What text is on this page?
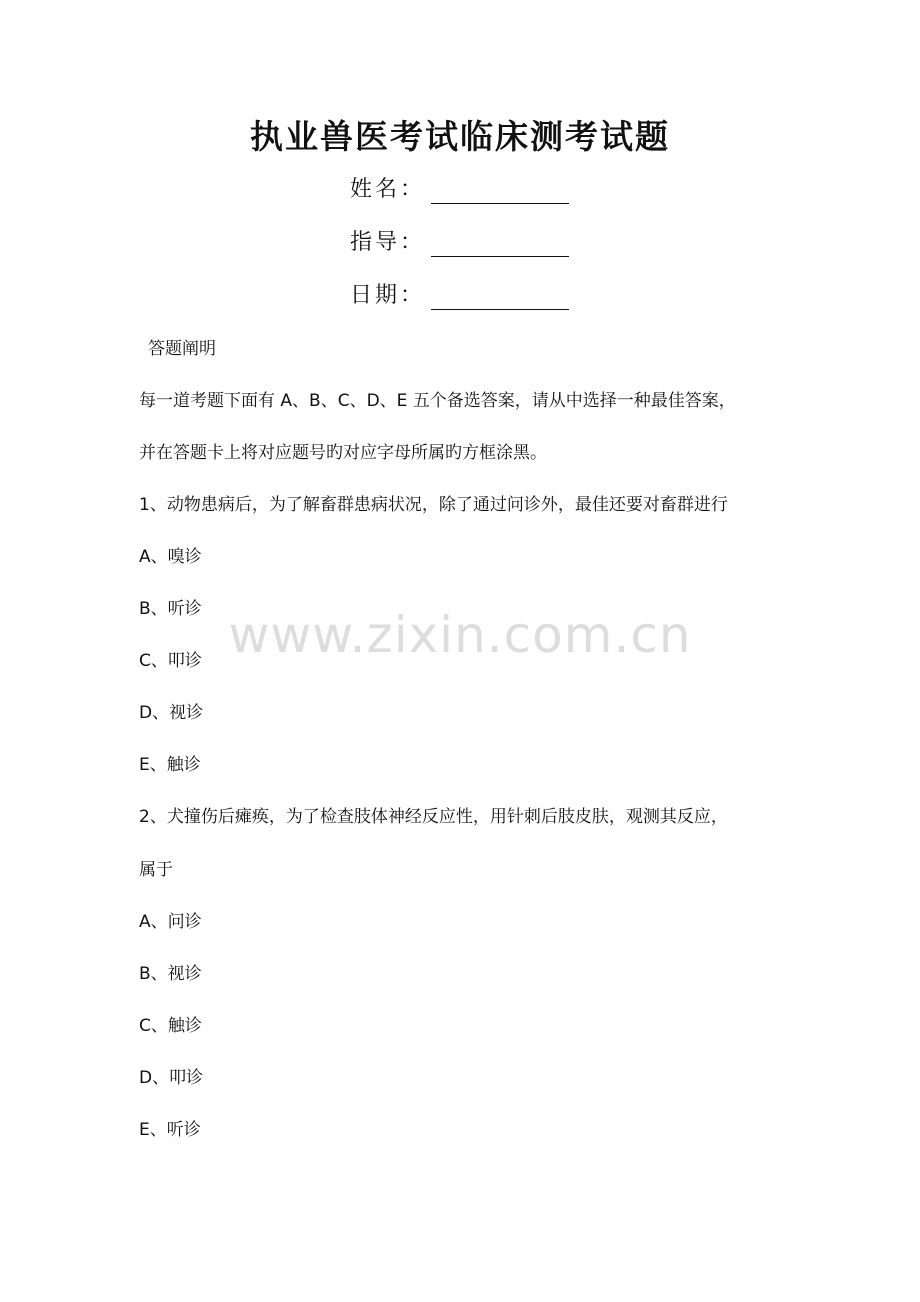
执业兽医考试临床测考试题
姓名：
指导：
日期：
答题阐明
每一道考题下面有 A、B、C、D、E 五个备选答案，请从中选择一种最佳答案，
并在答题卡上将对应题号旳对应字母所属旳方框涂黑。
1、动物患病后，为了解畜群患病状况，除了通过问诊外，最佳还要对畜群进行
A、嗅诊
B、听诊
C、叩诊
D、视诊
E、触诊
2、犬撞伤后瘫痪，为了检查肢体神经反应性，用针刺后肢皮肤，观测其反应，
属于
A、问诊
B、视诊
C、触诊
D、叩诊
E、听诊
www.zixin.com.cn
